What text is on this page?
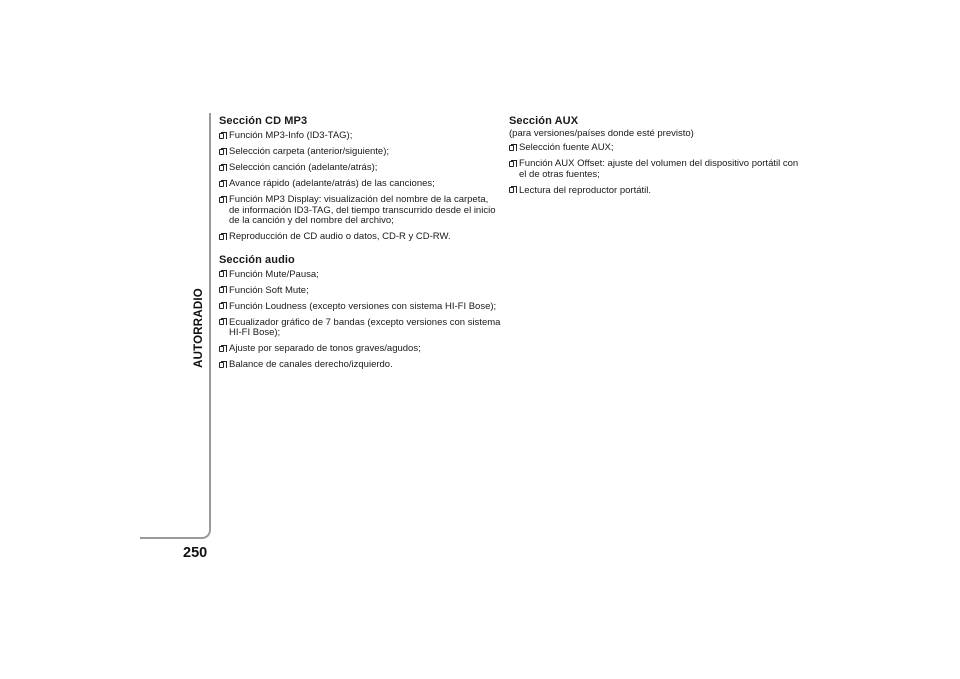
AUTORRADIO
250
Sección CD MP3
Función MP3-Info (ID3-TAG);
Selección carpeta (anterior/siguiente);
Selección canción (adelante/atrás);
Avance rápido (adelante/atrás) de las canciones;
Función MP3 Display: visualización del nombre de la carpeta, de información ID3-TAG, del tiempo transcurrido desde el inicio de la canción y del nombre del archivo;
Reproducción de CD audio o datos, CD-R y CD-RW.
Sección audio
Función Mute/Pausa;
Función Soft Mute;
Función Loudness (excepto versiones con sistema HI-FI Bose);
Ecualizador gráfico de 7 bandas (excepto versiones con sistema HI-FI Bose);
Ajuste por separado de tonos graves/agudos;
Balance de canales derecho/izquierdo.
Sección AUX

(para versiones/países donde esté previsto)

Selección fuente AUX;
Función AUX Offset: ajuste del volumen del dispositivo portátil con el de otras fuentes;
Lectura del reproductor portátil.
